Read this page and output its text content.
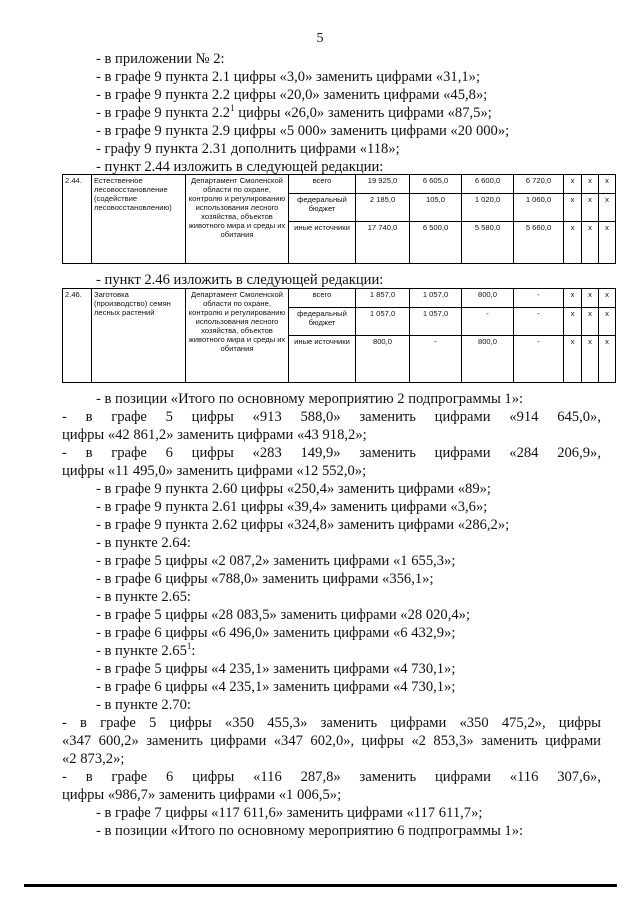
5
- в приложении № 2:
- в графе 9 пункта 2.1 цифры «3,0» заменить цифрами «31,1»;
- в графе 9 пункта 2.2 цифры «20,0» заменить цифрами «45,8»;
- в графе 9 пункта $2.2^1$ цифры «26,0» заменить цифрами «87,5»;
- в графе 9 пункта 2.9 цифры «5 000» заменить цифрами «20 000»;
- графу 9 пункта 2.31 дополнить цифрами «118»;
- пункт 2.44 изложить в следующей редакции:
2.44.	Естественное лесовосстановление (содействие лесовосстановлению)	Департамент Смоленской области по охране, контролю и регулированию использования лесного хозяйства, объектов животного мира и среды их обитания	всего	19 925,0	6 605,0	6 600,0	6 720,0	х	х	х
			федеральный бюджет	2 185,0	105,0	1 020,0	1 060,0	х	х	х
			иные источники	17 740,0	6 500,0	5 580,0	5 660,0	х	х	х
- пункт 2.46 изложить в следующей редакции:
2.46.	Заготовка (производство) семян лесных растений	Департамент Смоленской области по охране, контролю и регулированию использования лесного хозяйства, объектов животного мира и среды их обитания	всего	1 857,0	1 057,0	800,0	-	х	х	х
			федеральный бюджет	1 057,0	1 057,0	-	-	х	х	х
			иные источники	800,0	-	800,0	-	х	х	х
- в позиции «Итого по основному мероприятию 2 подпрограммы 1»:
- в графе 5 цифры «913 588,0» заменить цифрами «914 645,0»,
цифры «42 861,2» заменить цифрами «43 918,2»;
- в графе 6 цифры «283 149,9» заменить цифрами «284 206,9»,
цифры «11 495,0» заменить цифрами «12 552,0»;
- в графе 9 пункта 2.60 цифры «250,4» заменить цифрами «89»;
- в графе 9 пункта 2.61 цифры «39,4» заменить цифрами «3,6»;
- в графе 9 пункта 2.62 цифры «324,8» заменить цифрами «286,2»;
- в пункте 2.64:
- в графе 5 цифры «2 087,2» заменить цифрами «1 655,3»;
- в графе 6 цифры «788,0» заменить цифрами «356,1»;
- в пункте 2.65:
- в графе 5 цифры «28 083,5» заменить цифрами «28 020,4»;
- в графе 6 цифры «6 496,0» заменить цифрами «6 432,9»;
- в пункте 2.65$^1$:
- в графе 5 цифры «4 235,1» заменить цифрами «4 730,1»;
- в графе 6 цифры «4 235,1» заменить цифрами «4 730,1»;
- в пункте 2.70:
- в графе 5 цифры «350 455,3» заменить цифрами «350 475,2», цифры
«347 600,2» заменить цифрами «347 602,0», цифры «2 853,3» заменить цифрами
«2 873,2»;
- в графе 6 цифры «116 287,8» заменить цифрами «116 307,6»,
цифры «986,7» заменить цифрами «1 006,5»;
- в графе 7 цифры «117 611,6» заменить цифрами «117 611,7»;
- в позиции «Итого по основному мероприятию 6 подпрограммы 1»:
